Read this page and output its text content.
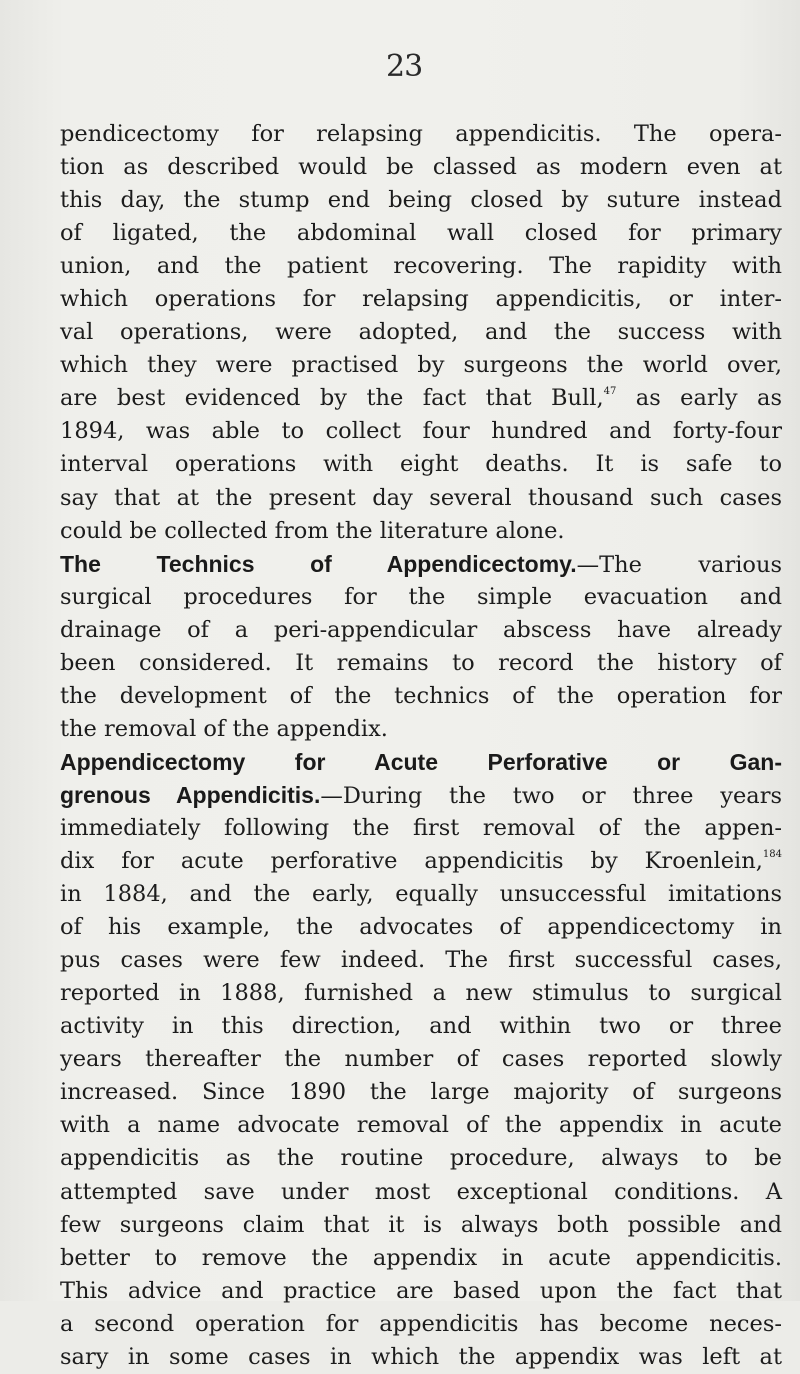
23
pendicectomy for relapsing appendicitis. The opera-
tion as described would be classed as modern even at
this day, the stump end being closed by suture instead
of ligated, the abdominal wall closed for primary
union, and the patient recovering. The rapidity with
which operations for relapsing appendicitis, or inter-
val operations, were adopted, and the success with
which they were practised by surgeons the world over,
are best evidenced by the fact that Bull,$^{47}$ as early as
1894, was able to collect four hundred and forty-four
interval operations with eight deaths. It is safe to
say that at the present day several thousand such cases
could be collected from the literature alone.
The Technics of Appendicectomy.—The various
surgical procedures for the simple evacuation and
drainage of a peri-appendicular abscess have already
been considered. It remains to record the history of
the development of the technics of the operation for
the removal of the appendix.
Appendicectomy for Acute Perforative or Gan-
grenous Appendicitis.—During the two or three years
immediately following the first removal of the appen-
dix for acute perforative appendicitis by Kroenlein,$^{184}$
in 1884, and the early, equally unsuccessful imitations
of his example, the advocates of appendicectomy in
pus cases were few indeed. The first successful cases,
reported in 1888, furnished a new stimulus to surgical
activity in this direction, and within two or three
years thereafter the number of cases reported slowly
increased. Since 1890 the large majority of surgeons
with a name advocate removal of the appendix in acute
appendicitis as the routine procedure, always to be
attempted save under most exceptional conditions. A
few surgeons claim that it is always both possible and
better to remove the appendix in acute appendicitis.
This advice and practice are based upon the fact that
a second operation for appendicitis has become neces-
sary in some cases in which the appendix was left at
